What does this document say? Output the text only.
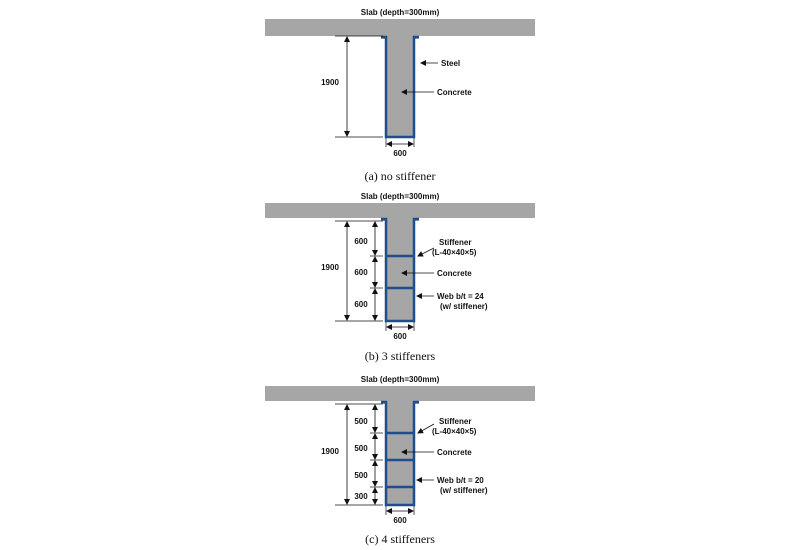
Slab (depth=300mm)
1900
600
Steel
Concrete
(a) no stiffener
Slab (depth=300mm)
1900
600
600
600
600
Stiffener
(L-40×40×5)
Concrete
Web b/t = 24
(w/ stiffener)
(b) 3 stiffeners
Slab (depth=300mm)
1900
500
500
500
300
600
Stiffener
(L-40×40×5)
Concrete
Web b/t = 20
(w/ stiffener)
(c) 4 stiffeners
